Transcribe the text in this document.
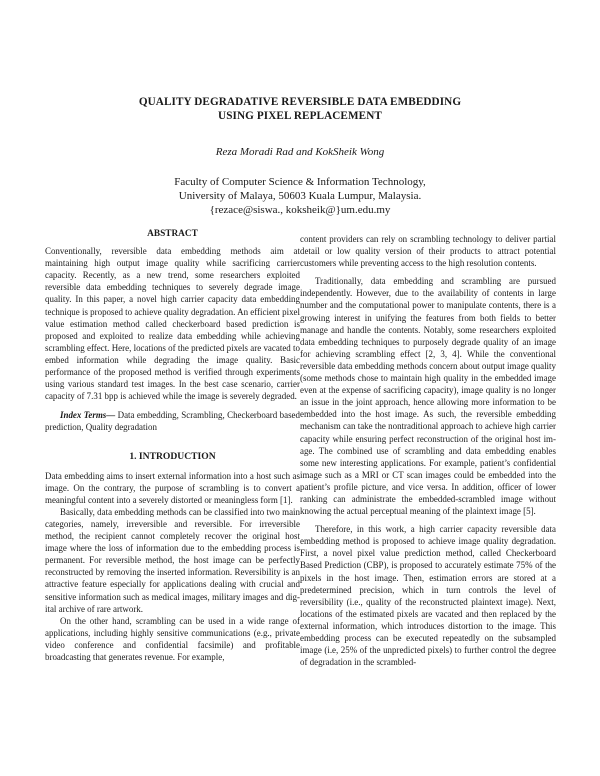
QUALITY DEGRADATIVE REVERSIBLE DATA EMBEDDING
USING PIXEL REPLACEMENT
Reza Moradi Rad and KokSheik Wong
Faculty of Computer Science & Information Technology,
University of Malaya, 50603 Kuala Lumpur, Malaysia.
{rezace@siswa., koksheik@}um.edu.my
ABSTRACT

Conventionally, reversible data embedding methods aim at maintaining high output image quality while sacrificing carrier capacity. Recently, as a new trend, some researchers exploited reversible data embedding techniques to severely degrade image quality. In this paper, a novel high carrier capacity data embedding technique is proposed to achieve quality degradation. An efficient pixel value estimation method called checkerboard based prediction is proposed and exploited to realize data embedding while achieving scrambling effect. Here, locations of the predicted pixels are vacated to embed information while degrading the image quality. Basic performance of the proposed method is verified through experiments using various standard test images. In the best case scenario, carrier capacity of 7.31 bpp is achieved while the image is severely degraded.

Index Terms— Data embedding, Scrambling, Checkerboard based prediction, Quality degradation

1. INTRODUCTION

Data embedding aims to insert external information into a host such as image. On the contrary, the purpose of scrambling is to convert a meaningful content into a severely distorted or meaningless form [1].

Basically, data embedding methods can be classified into two main categories, namely, irreversible and reversible. For irreversible method, the recipient cannot completely recover the original host image where the loss of information due to the embedding process is permanent. For reversible method, the host image can be perfectly reconstructed by removing the inserted information. Reversibility is an attractive feature especially for applications dealing with crucial and sensitive information such as medical images, military images and digital archive of rare artwork.

On the other hand, scrambling can be used in a wide range of applications, including highly sensitive communications (e.g., private video conference and confidential facsimile) and profitable broadcasting that generates revenue. For example,

content providers can rely on scrambling technology to deliver partial detail or low quality version of their products to attract potential customers while preventing access to the high resolution contents.

Traditionally, data embedding and scrambling are pursued independently. However, due to the availability of contents in large number and the computational power to manipulate contents, there is a growing interest in unifying the features from both fields to better manage and handle the contents. Notably, some researchers exploited data embedding techniques to purposely degrade quality of an image for achieving scrambling effect [2, 3, 4]. While the conventional reversible data embedding methods concern about output image quality (some methods chose to maintain high quality in the embedded image even at the expense of sacrificing capacity), image quality is no longer an issue in the joint approach, hence allowing more information to be embedded into the host image. As such, the reversible embedding mechanism can take the nontraditional approach to achieve high carrier capacity while ensuring perfect reconstruction of the original host image. The combined use of scrambling and data embedding enables some new interesting applications. For example, patient’s confidential image such as a MRI or CT scan images could be embedded into the patient’s profile picture, and vice versa. In addition, officer of lower ranking can administrate the embedded-scrambled image without knowing the actual perceptual meaning of the plaintext image [5].

Therefore, in this work, a high carrier capacity reversible data embedding method is proposed to achieve image quality degradation. First, a novel pixel value prediction method, called Checkerboard Based Prediction (CBP), is proposed to accurately estimate 75% of the pixels in the host image. Then, estimation errors are stored at a predetermined precision, which in turn controls the level of reversibility (i.e., quality of the reconstructed plaintext image). Next, locations of the estimated pixels are vacated and then replaced by the external information, which introduces distortion to the image. This embedding process can be executed repeatedly on the subsampled image (i.e, 25% of the unpredicted pixels) to further control the degree of degradation in the scrambled-
